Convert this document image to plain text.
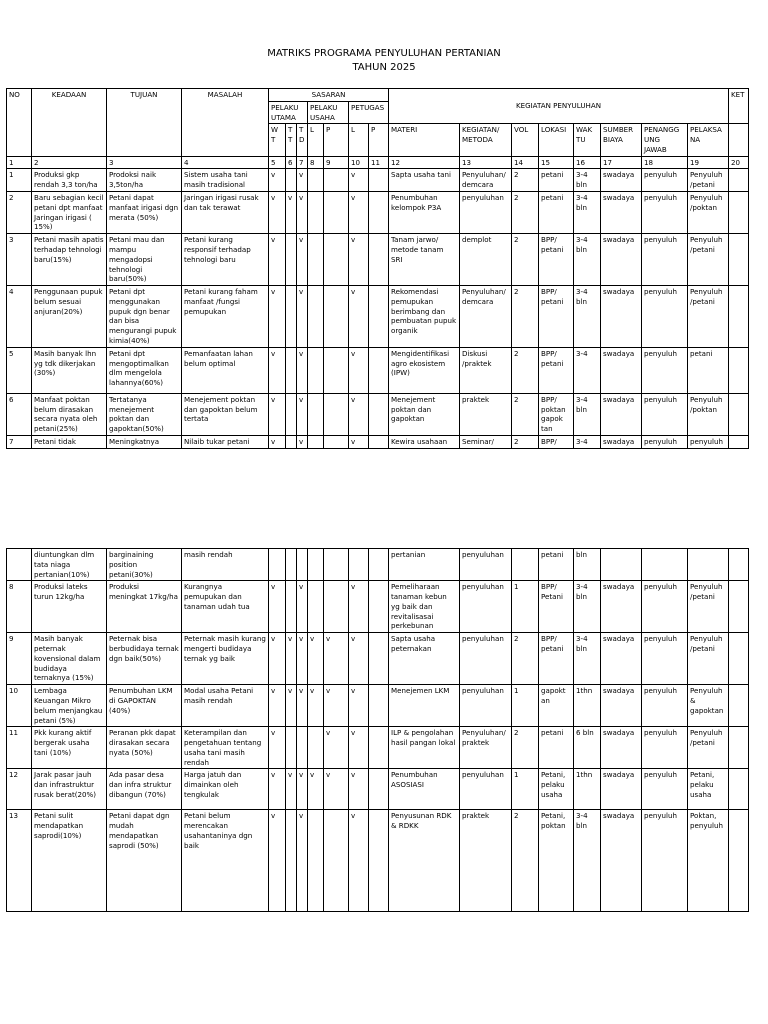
MATRIKS PROGRAMA PENYULUHAN PERTANIAN
TAHUN 2025
NO	KEADAAN	TUJUAN	MASALAH	SASARAN							KEGIATAN PENYULUHAN								KET
				PELAKU UTAMA			PELAKU USAHA		PETUGAS										
				W T	T T	T D	L	P	L	P	MATERI	KEGIATAN/ METODA	VOL	LOKASI	WAK TU	SUMBER BIAYA	PENANGG UNG JAWAB	PELAKSA NA	
1	2	3	4	5	6	7	8	9	10	11	12	13	14	15	16	17	18	19	20
1	Produksi gkp rendah 3,3 ton/ha	Prodoksi naik 3,5ton/ha	Sistem usaha tani masih tradisional	v		v			v		Sapta usaha tani	Penyuluhan/ demcara	2	petani	3-4 bln	swadaya	penyuluh	Penyuluh /petani	
2	Baru sebagian kecil petani dpt manfaat Jaringan irigasi ( 15%)	Petani dapat manfaat irigasi dgn merata (50%)	Jaringan irigasi rusak dan tak terawat	v	v	v			v		Penumbuhan kelompok P3A	penyuluhan	2	petani	3-4 bln	swadaya	penyuluh	Penyuluh /poktan	
3	Petani masih apatis terhadap tehnologi baru(15%)	Petani mau dan mampu mengadopsi tehnologi baru(50%)	Petani kurang responsif terhadap tehnologi baru	v		v			v		Tanam jarwo/ metode tanam SRI	demplot	2	BPP/ petani	3-4 bln	swadaya	penyuluh	Penyuluh /petani	
4	Penggunaan pupuk belum sesuai anjuran(20%)	Petani dpt menggunakan pupuk dgn benar dan bisa mengurangi pupuk kimia(40%)	Petani kurang faham manfaat /fungsi pemupukan	v		v			v		Rekomendasi pemupukan berimbang dan pembuatan pupuk organik	Penyuluhan/ demcara	2	BPP/ petani	3-4 bln	swadaya	penyuluh	Penyuluh /petani	
5	Masih banyak lhn yg tdk dikerjakan (30%)	Petani dpt mengoptimalkan dlm mengelola lahannya(60%)	Pemanfaatan lahan belum optimal	v		v			v		Mengidentifikasi agro ekosistem (IPW)	Diskusi /praktek	2	BPP/ petani	3-4	swadaya	penyuluh	petani	
6	Manfaat poktan belum dirasakan secara nyata oleh petani(25%)	Tertatanya menejement poktan dan gapoktan(50%)	Menejement poktan dan gapoktan belum tertata	v		v			v		Menejement poktan dan gapoktan	praktek	2	BPP/ poktan gapok tan	3-4 bln	swadaya	penyuluh	Penyuluh /poktan	
7	Petani tidak	Meningkatnya	Nilaib tukar petani	v		v			v		Kewira usahaan	Seminar/	2	BPP/	3-4	swadaya	penyuluh	penyuluh	
	diuntungkan dlm tata niaga pertanian(10%)	barginaining position petani(30%)	masih rendah								pertanian	penyuluhan		petani	bln				
8	Produksi lateks turun 12kg/ha	Produksi meningkat 17kg/ha	Kurangnya pemupukan dan tanaman udah tua	v		v			v		Pemeliharaan tanaman kebun yg baik dan revitalisasai perkebunan	penyuluhan	1	BPP/ Petani	3-4 bln	swadaya	penyuluh	Penyuluh /petani	
9	Masih banyak peternak kovensional dalam budidaya ternaknya (15%)	Peternak bisa berbudidaya ternak dgn baik(50%)	Peternak masih kurang mengerti budidaya ternak yg baik	v	v	v	v	v	v		Sapta usaha peternakan	penyuluhan	2	BPP/ petani	3-4 bln	swadaya	penyuluh	Penyuluh /petani	
10	Lembaga Keuangan Mikro belum menjangkau petani (5%)	Penumbuhan LKM di GAPOKTAN (40%)	Modal usaha Petani masih rendah	v	v	v	v	v	v		Menejemen LKM	penyuluhan	1	gapokt an	1thn	swadaya	penyuluh	Penyuluh & gapoktan	
11	Pkk kurang aktif bergerak usaha tani (10%)	Peranan pkk dapat dirasakan secara nyata (50%)	Keterampilan dan pengetahuan tentang usaha tani masih rendah	v				v	v		ILP & pengolahan hasil pangan lokal	Penyuluhan/ praktek	2	petani	6 bln	swadaya	penyuluh	Penyuluh /petani	
12	Jarak pasar jauh dan infrastruktur rusak berat(20%)	Ada pasar desa dan infra struktur dibangun (70%)	Harga jatuh dan dimainkan oleh tengkulak	v	v	v	v	v	v		Penumbuhan ASOSIASI	penyuluhan	1	Petani, pelaku usaha	1thn	swadaya	penyuluh	Petani, pelaku usaha	
13	Petani sulit mendapatkan saprodi(10%)	Petani dapat dgn mudah mendapatkan saprodi (50%)	Petani belum merencakan usahantaninya dgn baik	v		v			v		Penyusunan RDK & RDKK	praktek	2	Petani, poktan	3-4 bln	swadaya	penyuluh	Poktan, penyuluh	
